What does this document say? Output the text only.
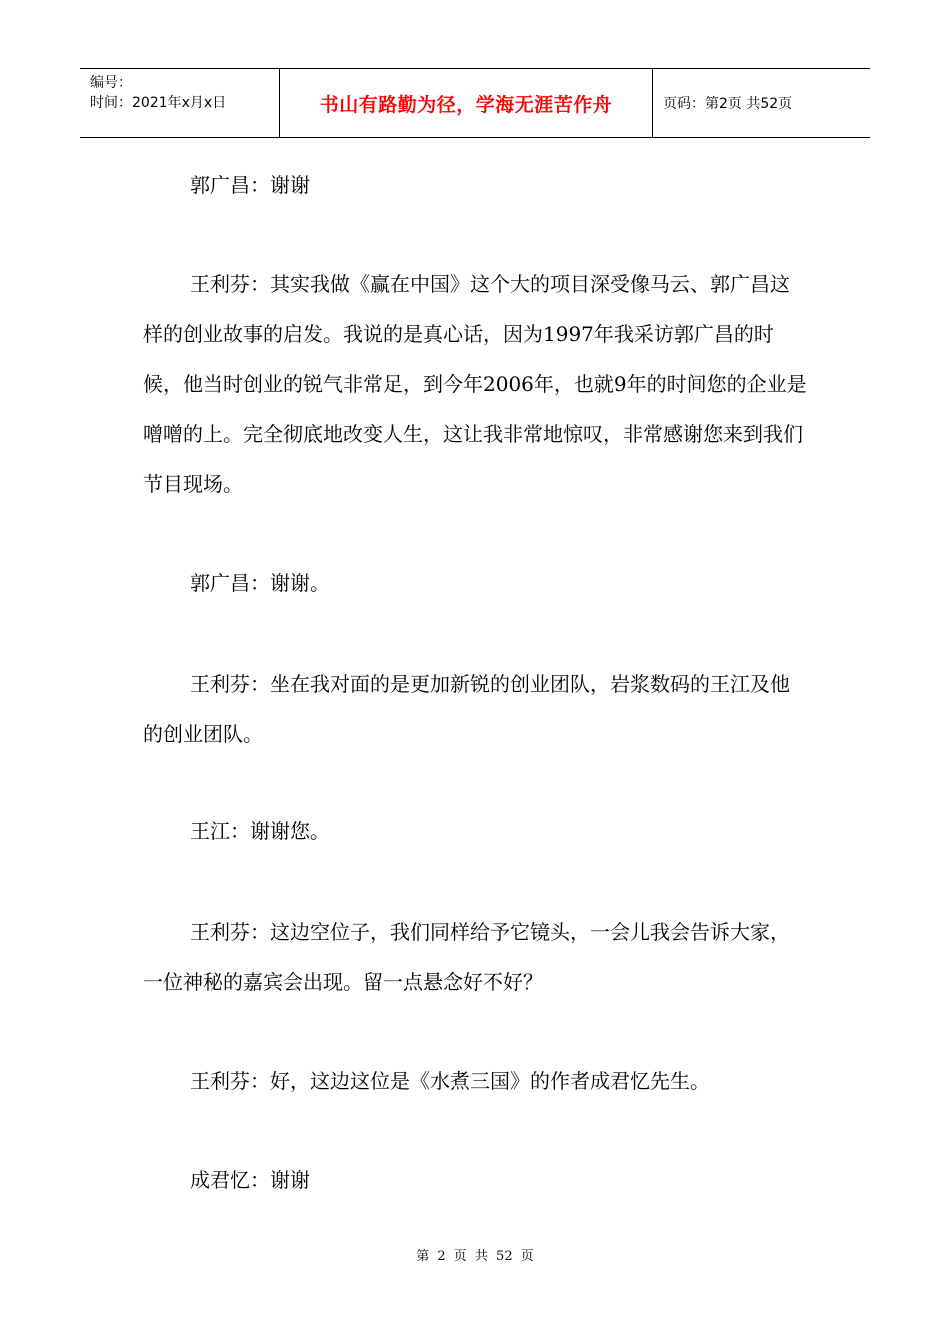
编号：
时间：2021年x月x日	书山有路勤为径，学海无涯苦作舟	页码：第2页 共52页

郭广昌：谢谢

王利芬：其实我做《赢在中国》这个大的项目深受像马云、郭广昌这样的创业故事的启发。我说的是真心话，因为1997年我采访郭广昌的时候，他当时创业的锐气非常足，到今年2006年，也就9年的时间您的企业是噌噌的上。完全彻底地改变人生，这让我非常地惊叹，非常感谢您来到我们节目现场。

郭广昌：谢谢。

王利芬：坐在我对面的是更加新锐的创业团队，岩浆数码的王江及他的创业团队。

王江：谢谢您。

王利芬：这边空位子，我们同样给予它镜头，一会儿我会告诉大家，一位神秘的嘉宾会出现。留一点悬念好不好？

王利芬：好，这边这位是《水煮三国》的作者成君忆先生。

成君忆：谢谢

第 2 页 共 52 页
